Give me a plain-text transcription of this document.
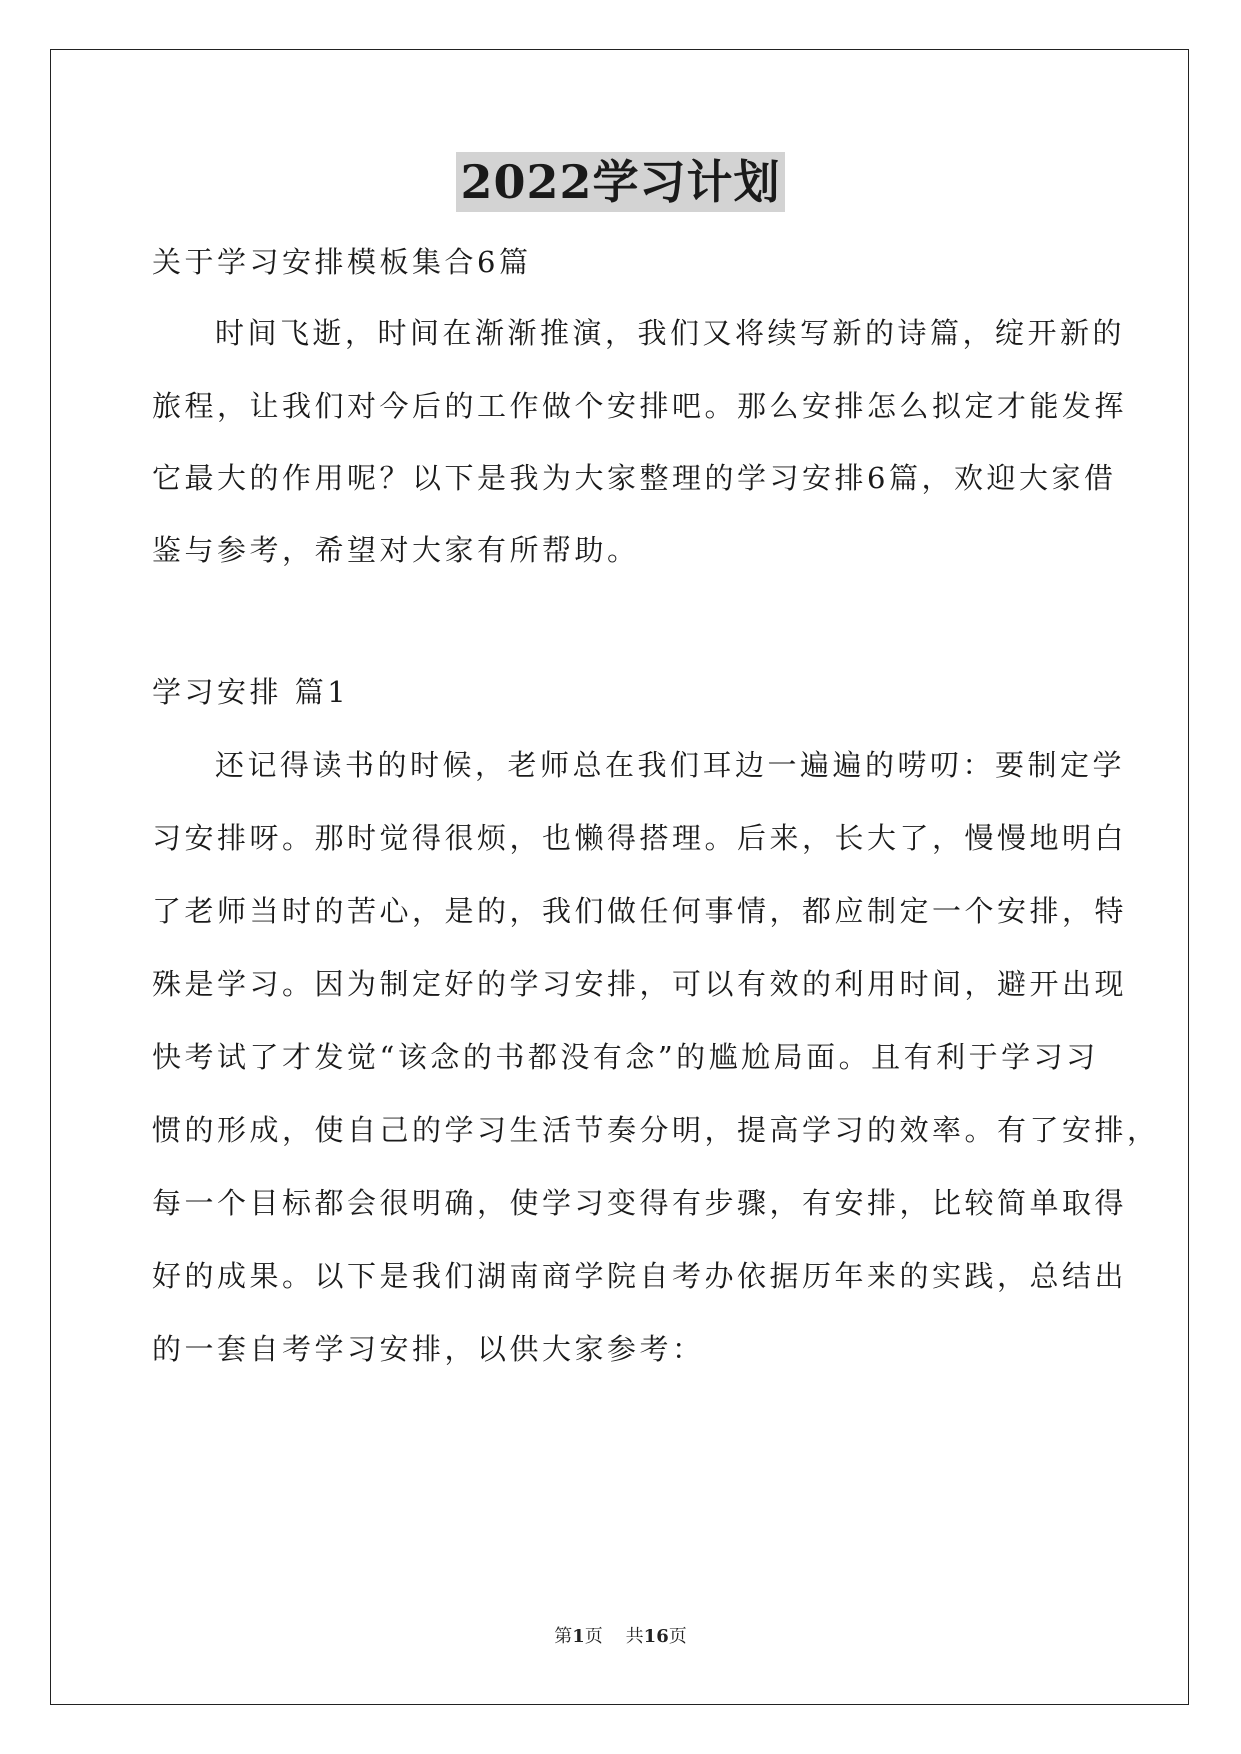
2022学习计划
关于学习安排模板集合6篇
时间飞逝，时间在渐渐推演，我们又将续写新的诗篇，绽开新的
旅程，让我们对今后的工作做个安排吧。那么安排怎么拟定才能发挥
它最大的作用呢？以下是我为大家整理的学习安排6篇，欢迎大家借
鉴与参考，希望对大家有所帮助。
学习安排 篇1
还记得读书的时候，老师总在我们耳边一遍遍的唠叨：要制定学
习安排呀。那时觉得很烦，也懒得搭理。后来，长大了，慢慢地明白
了老师当时的苦心，是的，我们做任何事情，都应制定一个安排，特
殊是学习。因为制定好的学习安排，可以有效的利用时间，避开出现
快考试了才发觉“该念的书都没有念”的尴尬局面。且有利于学习习
惯的形成，使自己的学习生活节奏分明，提高学习的效率。有了安排，
每一个目标都会很明确，使学习变得有步骤，有安排，比较简单取得
好的成果。以下是我们湖南商学院自考办依据历年来的实践，总结出
的一套自考学习安排，以供大家参考：
第1页 共16页
